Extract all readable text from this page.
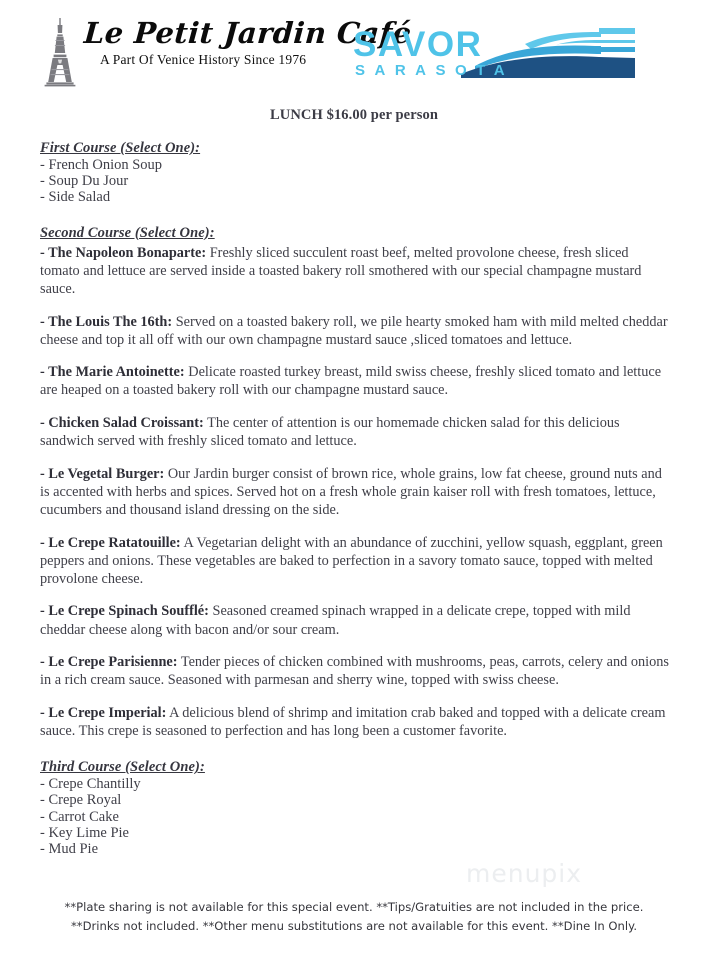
Le Petit Jardin Café
A Part Of Venice History Since 1976	SAVOR
SARASOTA
LUNCH $16.00 per person
First Course (Select One):
- French Onion Soup
- Soup Du Jour
- Side Salad
Second Course (Select One):

- The Napoleon Bonaparte: Freshly sliced succulent roast beef, melted provolone cheese, fresh sliced tomato and lettuce are served inside a toasted bakery roll smothered with our special champagne mustard sauce.

- The Louis The 16th: Served on a toasted bakery roll, we pile hearty smoked ham with mild melted cheddar cheese and top it all off with our own champagne mustard sauce ,sliced tomatoes and lettuce.

- The Marie Antoinette: Delicate roasted turkey breast, mild swiss cheese, freshly sliced tomato and lettuce are heaped on a toasted bakery roll with our champagne mustard sauce.

- Chicken Salad Croissant: The center of attention is our homemade chicken salad for this delicious sandwich served with freshly sliced tomato and lettuce.

- Le Vegetal Burger: Our Jardin burger consist of brown rice, whole grains, low fat cheese, ground nuts and is accented with herbs and spices. Served hot on a fresh whole grain kaiser roll with fresh tomatoes, lettuce, cucumbers and thousand island dressing on the side.

- Le Crepe Ratatouille: A Vegetarian delight with an abundance of zucchini, yellow squash, eggplant, green peppers and onions. These vegetables are baked to perfection in a savory tomato sauce, topped with melted provolone cheese.

- Le Crepe Spinach Soufflé: Seasoned creamed spinach wrapped in a delicate crepe, topped with mild cheddar cheese along with bacon and/or sour cream.

- Le Crepe Parisienne: Tender pieces of chicken combined with mushrooms, peas, carrots, celery and onions in a rich cream sauce. Seasoned with parmesan and sherry wine, topped with swiss cheese.

- Le Crepe Imperial: A delicious blend of shrimp and imitation crab baked and topped with a delicate cream sauce. This crepe is seasoned to perfection and has long been a customer favorite.

Third Course (Select One):
- Crepe Chantilly
- Crepe Royal
- Carrot Cake
- Key Lime Pie
- Mud Pie
menupix
**Plate sharing is not available for this special event. **Tips/Gratuities are not included in the price.
**Drinks not included. **Other menu substitutions are not available for this event. **Dine In Only.
